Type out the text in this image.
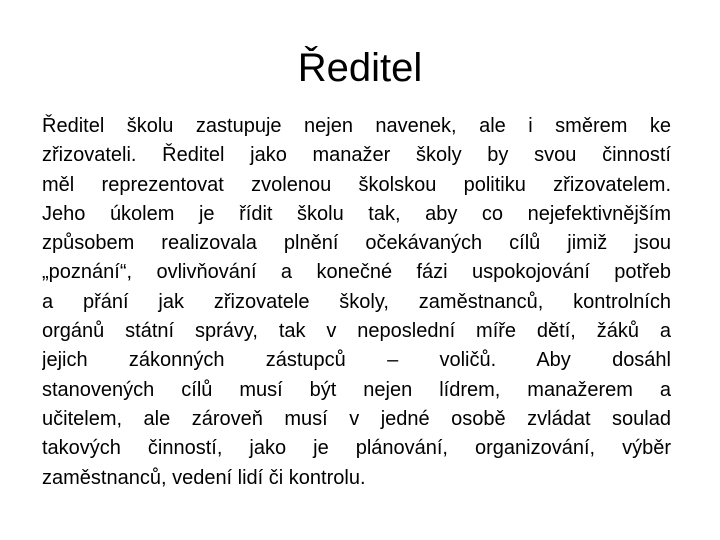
Ředitel
Ředitel školu zastupuje nejen navenek, ale i směrem ke
zřizovateli. Ředitel jako manažer školy by svou činností
měl reprezentovat zvolenou školskou politiku zřizovatelem.
Jeho úkolem je řídit školu tak, aby co nejefektivnějším
způsobem realizovala plnění očekávaných cílů jimiž jsou
„poznání“, ovlivňování a konečné fázi uspokojování potřeb
a přání jak zřizovatele školy, zaměstnanců, kontrolních
orgánů státní správy, tak v neposlední míře dětí, žáků a
jejich zákonných zástupců – voličů. Aby dosáhl
stanovených cílů musí být nejen lídrem, manažerem a
učitelem, ale zároveň musí v jedné osobě zvládat soulad
takových činností, jako je plánování, organizování, výběr
zaměstnanců, vedení lidí či kontrolu.
